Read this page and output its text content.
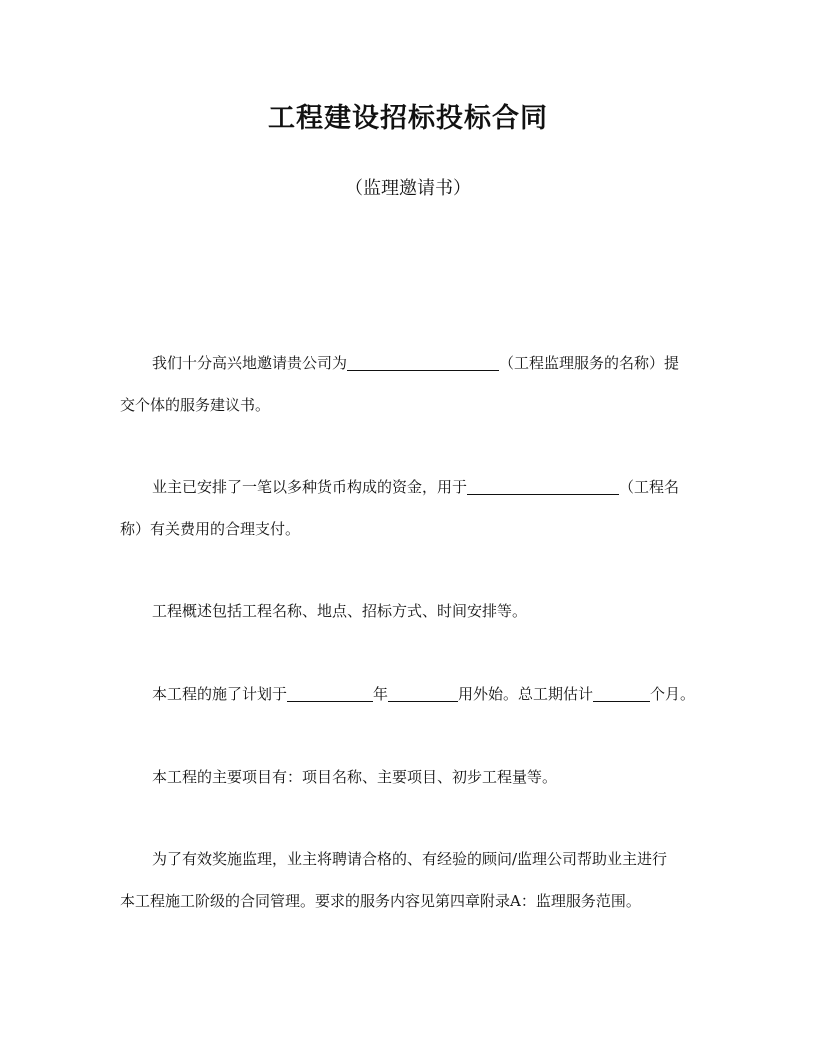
工程建设招标投标合同

（监理邀请书）

我们十分高兴地邀请贵公司为	（工程监理服务的名称）提
交个体的服务建议书。
业主已安排了一笔以多种货币构成的资金，用于	（工程名
称）有关费用的合理支付。
工程概述包括工程名称、地点、招标方式、时间安排等。
本工程的施了计划于	年	用外始。总工期估计	个月。
本工程的主要项目有：项目名称、主要项目、初步工程量等。
为了有效奖施监理，业主将聘请合格的、有经验的顾问/监理公司帮助业主进行
本工程施工阶级的合同管理。要求的服务内容见第四章附录A：监理服务范围。
